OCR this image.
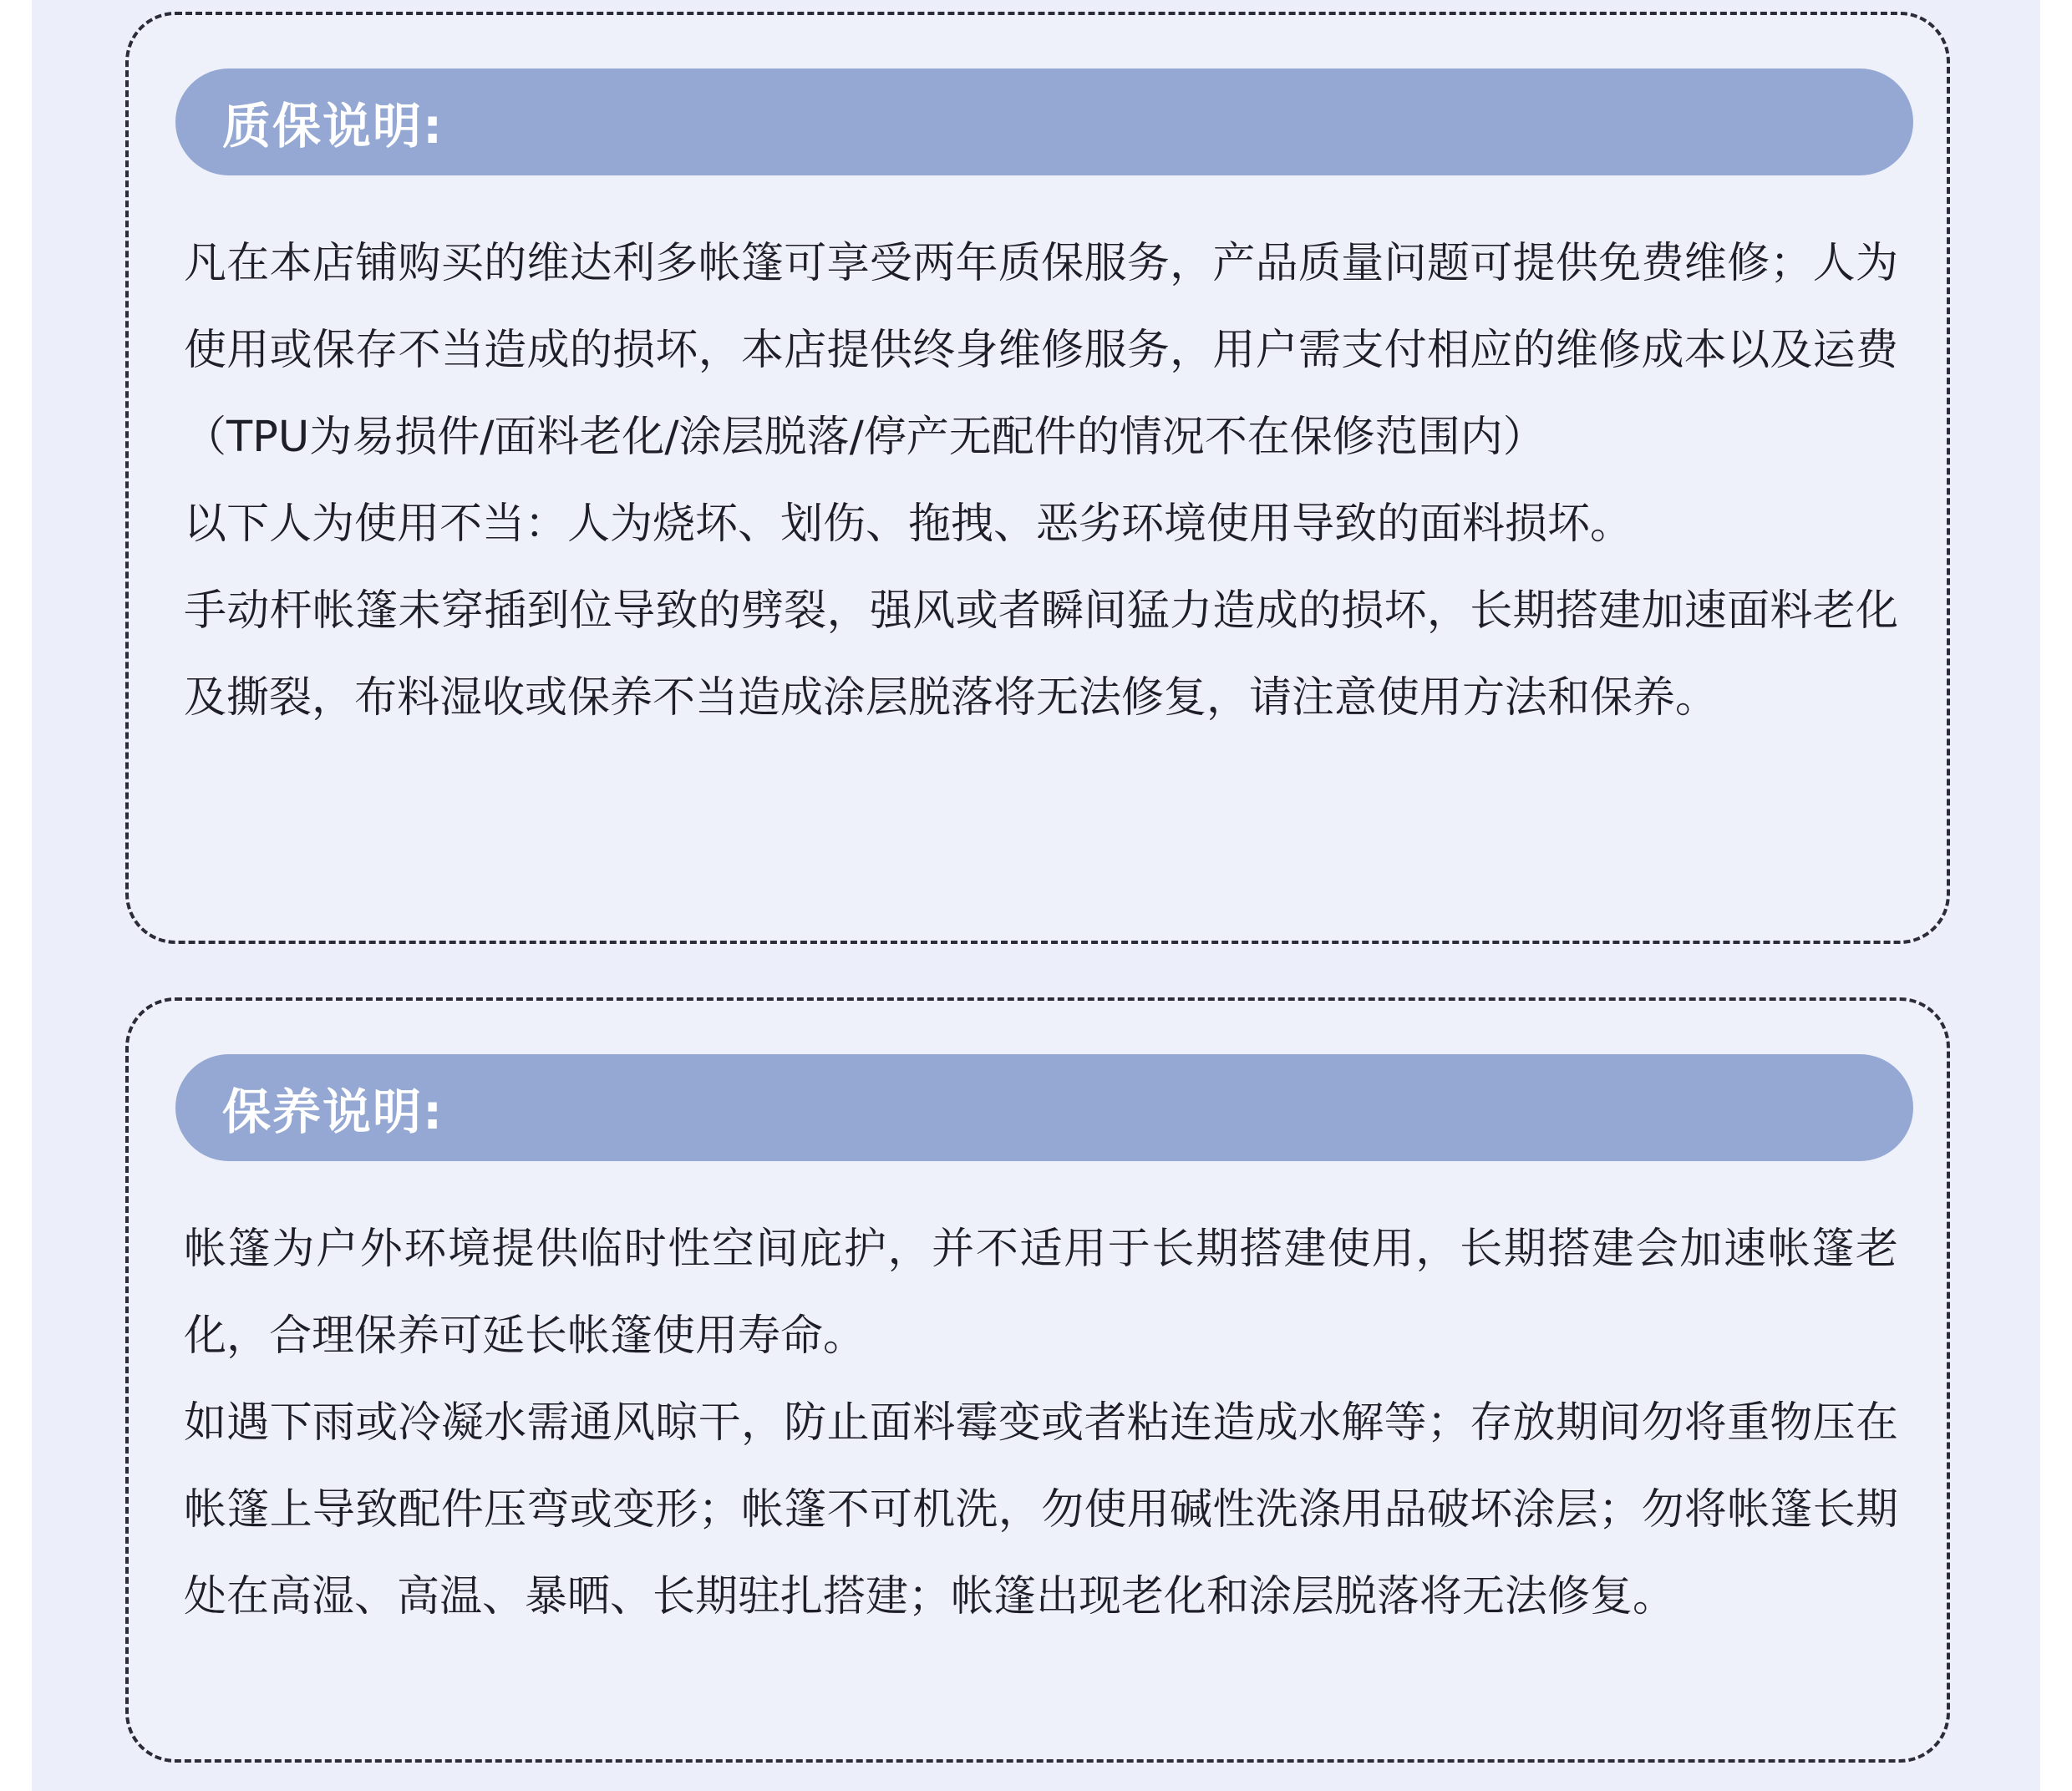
质保说明:

凡在本店铺购买的维达利多帐篷可享受两年质保服务，产品质量问题可提供免费维修；人为使用或保存不当造成的损坏，本店提供终身维修服务，用户需支付相应的维修成本以及运费（TPU为易损件/面料老化/涂层脱落/停产无配件的情况不在保修范围内）

以下人为使用不当：人为烧坏、划伤、拖拽、恶劣环境使用导致的面料损坏。

手动杆帐篷未穿插到位导致的劈裂，强风或者瞬间猛力造成的损坏，长期搭建加速面料老化及撕裂，布料湿收或保养不当造成涂层脱落将无法修复，请注意使用方法和保养。

保养说明:

帐篷为户外环境提供临时性空间庇护，并不适用于长期搭建使用，长期搭建会加速帐篷老化，合理保养可延长帐篷使用寿命。

如遇下雨或冷凝水需通风晾干，防止面料霉变或者粘连造成水解等；存放期间勿将重物压在帐篷上导致配件压弯或变形；帐篷不可机洗，勿使用碱性洗涤用品破坏涂层；勿将帐篷长期处在高湿、高温、暴晒、长期驻扎搭建；帐篷出现老化和涂层脱落将无法修复。
